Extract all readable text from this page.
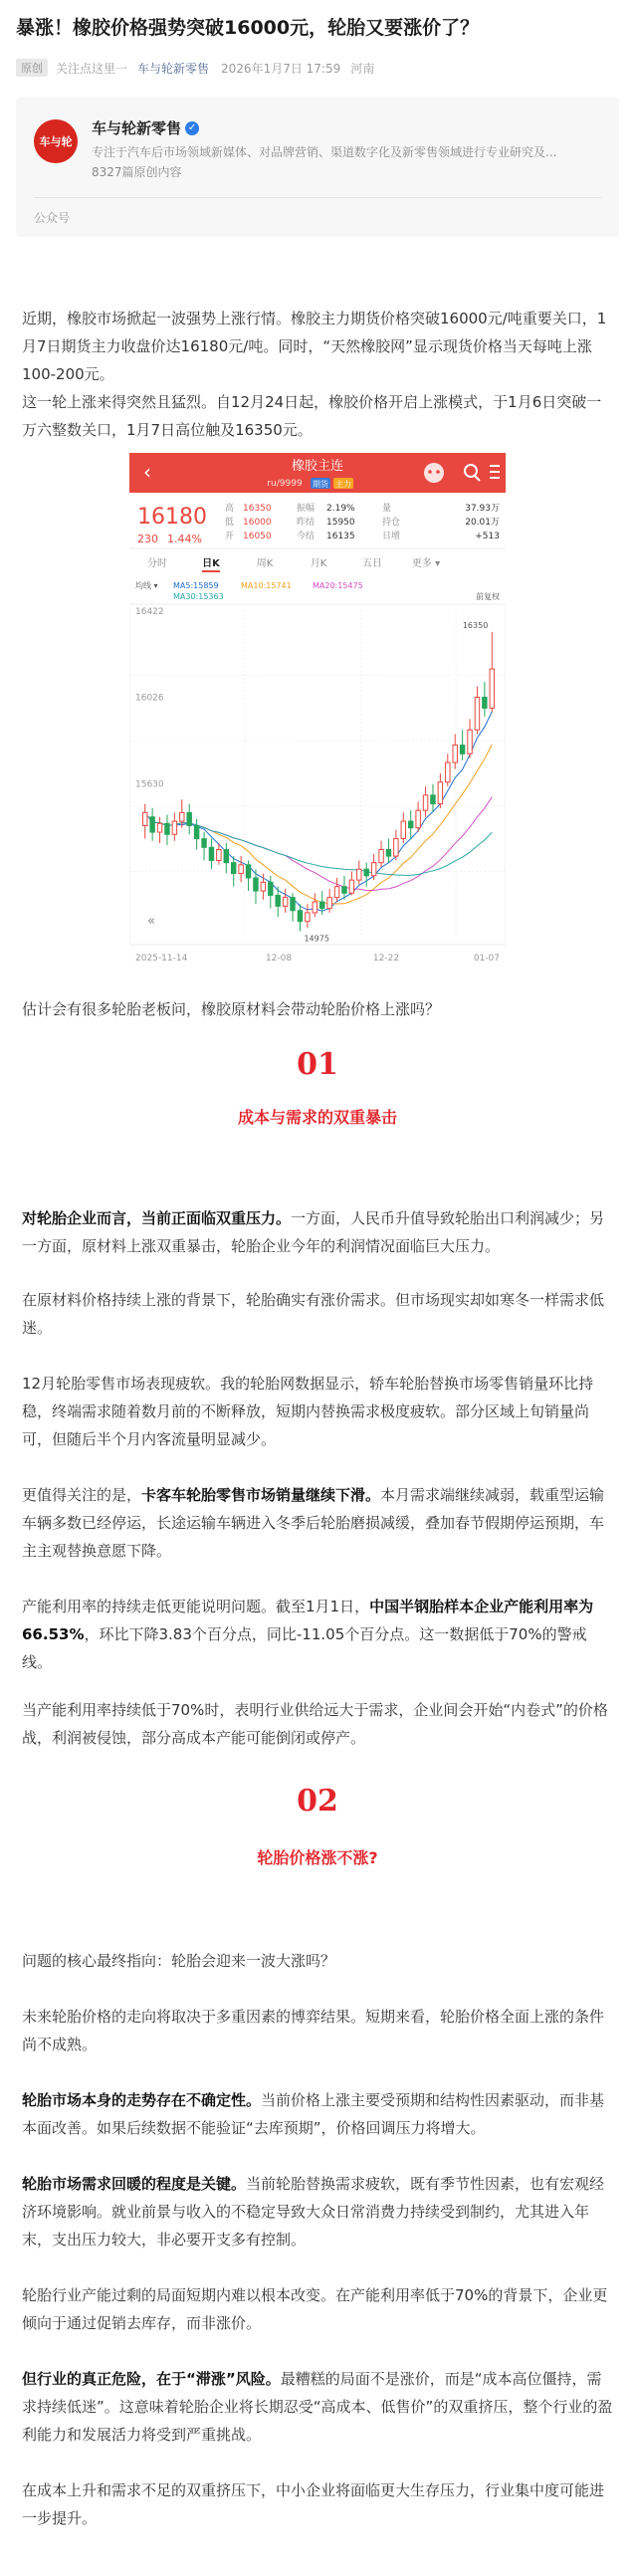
暴涨！橡胶价格强势突破16000元，轮胎又要涨价了？
原创	关注点这里一 车与轮新零售 2026年1月7日 17:59 河南
车与轮
车与轮新零售 ✓
专注于汽车后市场领域新媒体、对品牌营销、渠道数字化及新零售领域进行专业研究及...
8327篇原创内容
公众号

近期，橡胶市场掀起一波强势上涨行情。橡胶主力期货价格突破16000元/吨重要关口，1月7日期货主力收盘价达16180元/吨。同时，“天然橡胶网”显示现货价格当天每吨上涨100-200元。

这一轮上涨来得突然且猛烈。自12月24日起，橡胶价格开启上涨模式，于1月6日突破一万六整数关口，1月7日高位触及16350元。

‹	橡胶主连
ru/9999 期货 主力
16180
230 1.44%
高 16350	振幅 2.19%	量	37.93万
低 16000	昨结 15950	持仓	20.01万
开 16050	今结 16135	日增	+513
分时	日K	周K	月K	五日	更多 ▾
均线 ▾ MA5:15859	MA10:15741	MA20:15475
MA30:15363	前复权
16422
16026
15630
16350
14975
«
2025-11-14	12-08	12-22	01-07

估计会有很多轮胎老板问，橡胶原材料会带动轮胎价格上涨吗？

01
成本与需求的双重暴击

对轮胎企业而言，当前正面临双重压力。一方面，人民币升值导致轮胎出口利润减少；另一方面，原材料上涨双重暴击，轮胎企业今年的利润情况面临巨大压力。

在原材料价格持续上涨的背景下，轮胎确实有涨价需求。但市场现实却如寒冬一样需求低迷。

12月轮胎零售市场表现疲软。我的轮胎网数据显示，轿车轮胎替换市场零售销量环比持稳，终端需求随着数月前的不断释放，短期内替换需求极度疲软。部分区域上旬销量尚可，但随后半个月内客流量明显减少。

更值得关注的是，卡客车轮胎零售市场销量继续下滑。本月需求端继续减弱，载重型运输车辆多数已经停运，长途运输车辆进入冬季后轮胎磨损减缓，叠加春节假期停运预期，车主主观替换意愿下降。

产能利用率的持续走低更能说明问题。截至1月1日，中国半钢胎样本企业产能利用率为66.53%，环比下降3.83个百分点，同比-11.05个百分点。这一数据低于70%的警戒线。

当产能利用率持续低于70%时，表明行业供给远大于需求，企业间会开始“内卷式”的价格战，利润被侵蚀，部分高成本产能可能倒闭或停产。

02
轮胎价格涨不涨?

问题的核心最终指向：轮胎会迎来一波大涨吗？

未来轮胎价格的走向将取决于多重因素的博弈结果。短期来看，轮胎价格全面上涨的条件尚不成熟。

轮胎市场本身的走势存在不确定性。当前价格上涨主要受预期和结构性因素驱动，而非基本面改善。如果后续数据不能验证“去库预期”，价格回调压力将增大。

轮胎市场需求回暖的程度是关键。当前轮胎替换需求疲软，既有季节性因素，也有宏观经济环境影响。就业前景与收入的不稳定导致大众日常消费力持续受到制约，尤其进入年末，支出压力较大，非必要开支多有控制。

轮胎行业产能过剩的局面短期内难以根本改变。在产能利用率低于70%的背景下，企业更倾向于通过促销去库存，而非涨价。

但行业的真正危险，在于“滞涨”风险。最糟糕的局面不是涨价，而是“成本高位僵持，需求持续低迷”。这意味着轮胎企业将长期忍受“高成本、低售价”的双重挤压，整个行业的盈利能力和发展活力将受到严重挑战。

在成本上升和需求不足的双重挤压下，中小企业将面临更大生存压力，行业集中度可能进一步提升。
